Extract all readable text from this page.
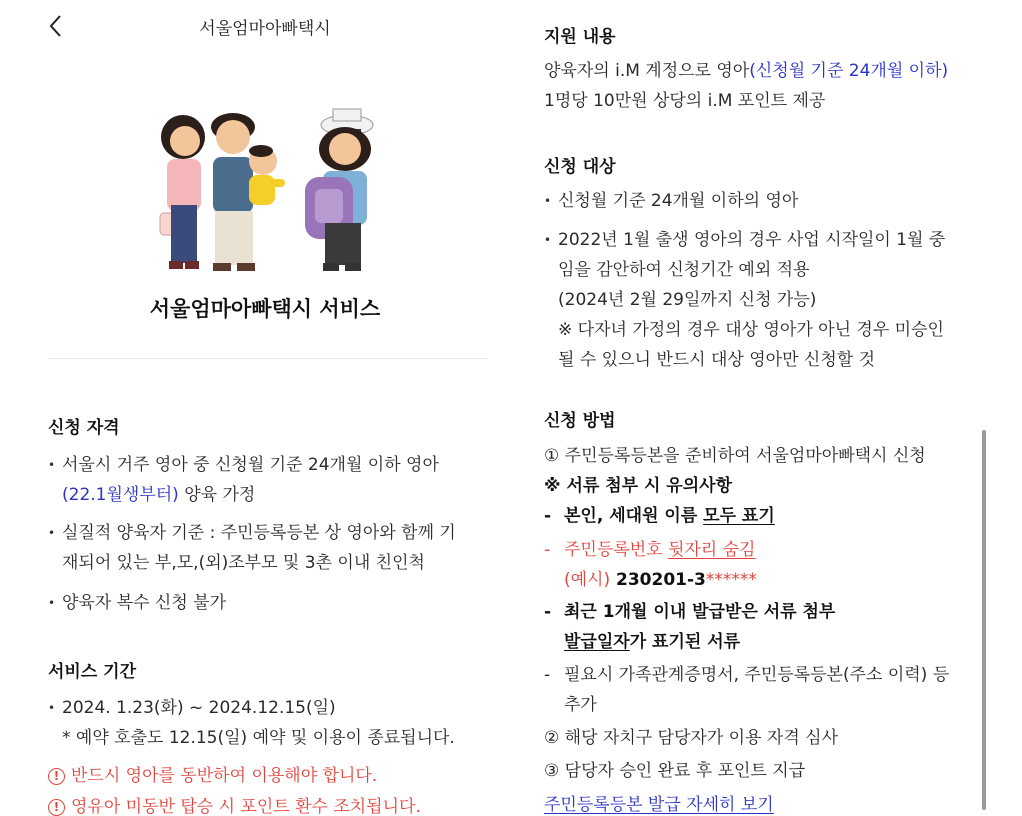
서울엄마아빠택시
서울엄마아빠택시 서비스
신청 자격
• 서울시 거주 영아 중 신청월 기준 24개월 이하 영아
(22.1월생부터) 양육 가정
• 실질적 양육자 기준 : 주민등록등본 상 영아와 함께 기
재되어 있는 부,모,(외)조부모 및 3촌 이내 친인척
• 양육자 복수 신청 불가
서비스 기간
• 2024. 1.23(화) ~ 2024.12.15(일)
* 예약 호출도 12.15(일) 예약 및 이용이 종료됩니다.
! 반드시 영아를 동반하여 이용해야 합니다.
! 영유아 미동반 탑승 시 포인트 환수 조치됩니다.
지원 내용
양육자의 i.M 계정으로 영아(신청월 기준 24개월 이하)
1명당 10만원 상당의 i.M 포인트 제공
신청 대상
• 신청월 기준 24개월 이하의 영아
• 2022년 1월 출생 영아의 경우 사업 시작일이 1월 중
임을 감안하여 신청기간 예외 적용
(2024년 2월 29일까지 신청 가능)
※ 다자녀 가정의 경우 대상 영아가 아닌 경우 미승인
될 수 있으니 반드시 대상 영아만 신청할 것
신청 방법
① 주민등록등본을 준비하여 서울엄마아빠택시 신청
※ 서류 첨부 시 유의사항
- 본인, 세대원 이름 모두 표기
- 주민등록번호 뒷자리 숨김
(예시) 230201-3******
- 최근 1개월 이내 발급받은 서류 첨부
발급일자가 표기된 서류
- 필요시 가족관계증명서, 주민등록등본(주소 이력) 등
추가
② 해당 자치구 담당자가 이용 자격 심사
③ 담당자 승인 완료 후 포인트 지급
주민등록등본 발급 자세히 보기
